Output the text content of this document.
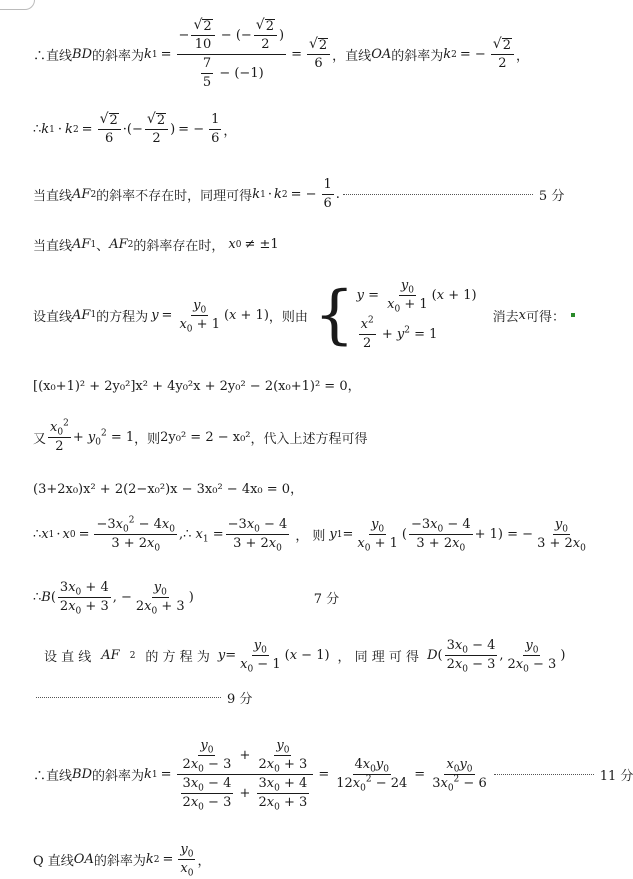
∴直线 BD 的斜率为 k $1 = \frac{- \frac{√ 2}{10} - (- \frac{√ 2}{2} )}{\frac{7}{5} - (-1)} = \frac{√ 2}{6}$ ，直线 OA 的斜率为 k 2 = − $\frac{√ 2}{2}$ ，
∴ k 1 · k $2 = \frac{√ 2}{6}$ ·(− $\frac{√ 2}{2}$ ) = − $\frac{1}{6}$ ，
当直线 AF 2 的斜率不存在时，同理可得 k 1 · k 2 = − $\frac{1}{6}$ .	5 分
当直线 AF 1 、 AF 2 的斜率存在时， x 0 ≠ ±1
设直线 AF 1 的方程为 $y = \frac{y_0}{x_0 + 1} (x + 1)$ ，则由 { $y = \frac{y_0}{x_0 + 1} (x + 1)$
$\frac{x^2}{2} + y^2 = 1$
消去 x 可得：
[(x₀+1)² + 2y₀²]x² + 4y₀²x + 2y₀² − 2(x₀+1)² = 0，
又 $\frac{x_0^2}{2} + y_0^2 = 1$ ，则 2y₀² = 2 − x₀² ，代入上述方程可得
(3+2x₀)x² + 2(2−x₀²)x − 3x₀² − 4x₀ = 0，
∴ x 1 · x $0 = \frac{-3x_0^2 - 4x_0}{3 + 2x_0}$ ,∴ $x_1 = \frac{-3x_0 - 4}{3 + 2x_0}$ ， 则 y $1 = \frac{y_0}{x_0 + 1}$ ( $\frac{-3x_0 - 4}{3 + 2x_0} + 1$) = − $\frac{y_0}{3 + 2x_0}$
∴ B ( $\frac{3x_0 + 4}{2x_0 + 3}$ , − $\frac{y_0}{2x_0 + 3}$ )	7 分
设 直 线 AF 2 的 方 程 为 $y = \frac{y_0}{x_0 - 1} (x - 1)$ ， 同 理 可 得 D ( $\frac{3x_0 - 4}{2x_0 - 3}$ , $\frac{y_0}{2x_0 - 3}$ )
9 分
∴直线 BD 的斜率为 k $1 = \frac{\frac{y_0}{2x_0 - 3} + \frac{y_0}{2x_0 + 3}}{\frac{3x_0 - 4}{2x_0 - 3} + \frac{3x_0 + 4}{2x_0 + 3}} = \frac{4x_0y_0}{12x_0^2 - 24} = \frac{x_0y_0}{3x_0^2 - 6}$	11 分
Q 直线 OA 的斜率为 k $2 = \frac{y_0}{x_0}$ ，
